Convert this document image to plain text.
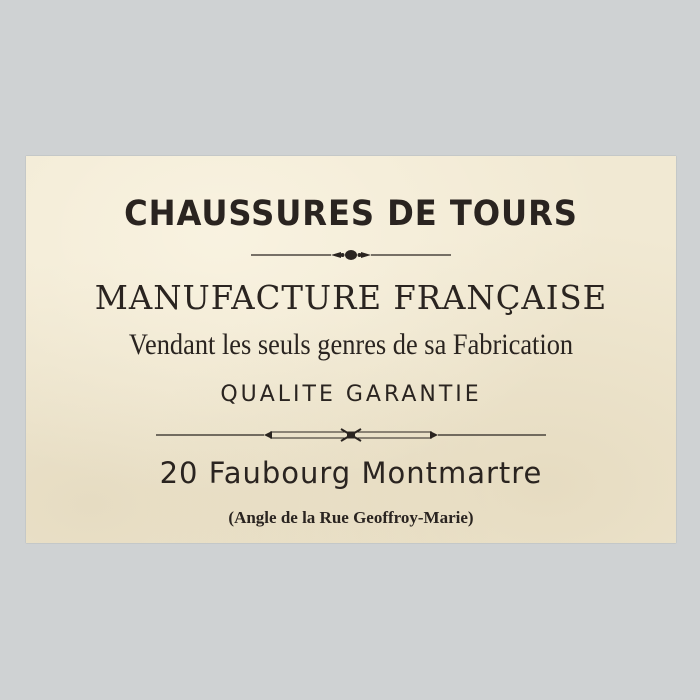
CHAUSSURES DE TOURS
MANUFACTURE FRANÇAISE
Vendant les seuls genres de sa Fabrication
QUALITE GARANTIE
20 Faubourg Montmartre
(Angle de la Rue Geoffroy-Marie)
